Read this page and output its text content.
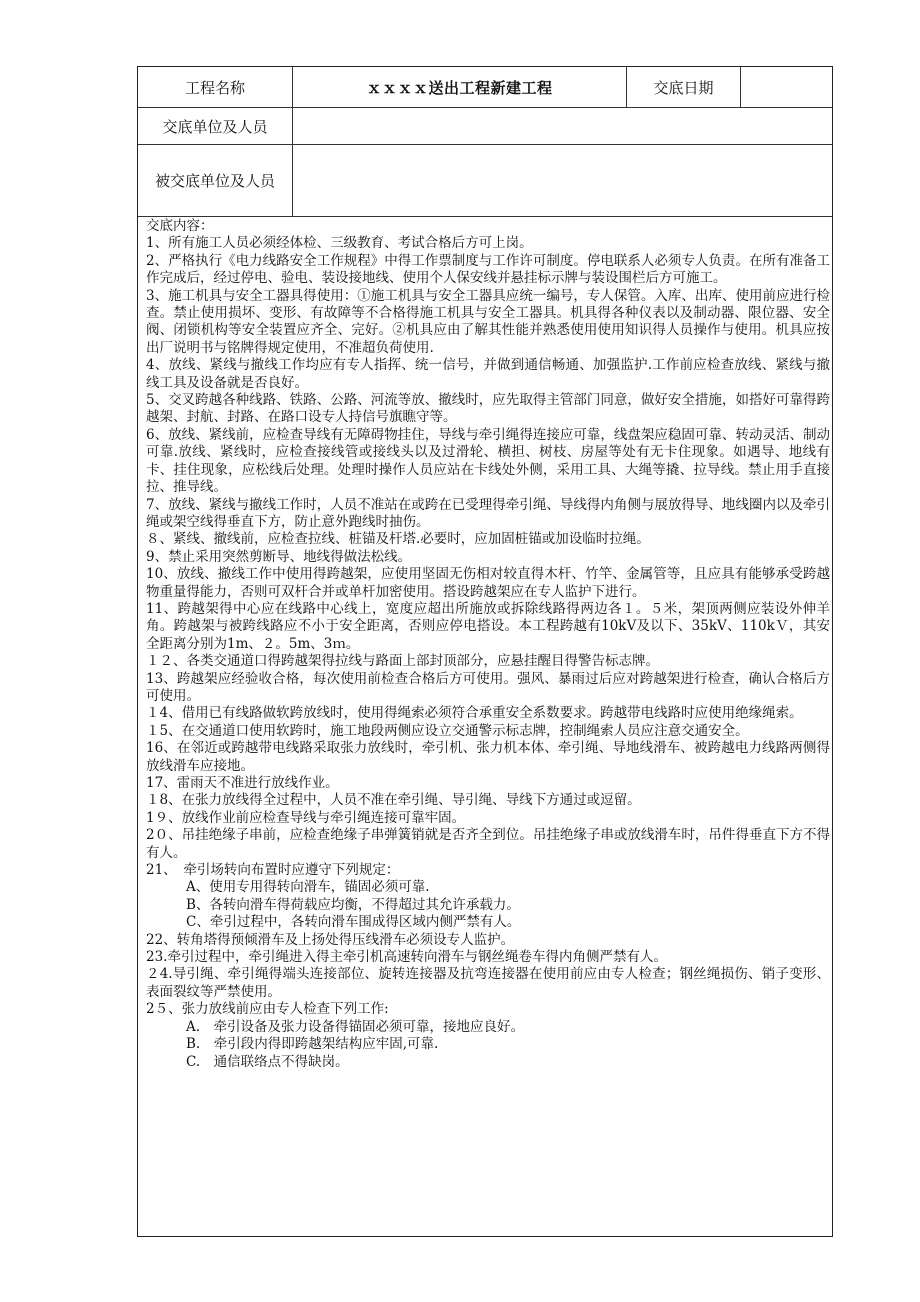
工程名称	ｘｘｘｘ送出工程新建工程	交底日期
交底单位及人员
被交底单位及人员

交底内容：

1、所有施工人员必须经体检、三级教育、考试合格后方可上岗。

2、严格执行《电力线路安全工作规程》中得工作票制度与工作许可制度。停电联系人必须专人负责。在所有准备工作完成后，经过停电、验电、装设接地线、使用个人保安线并悬挂标示牌与装设围栏后方可施工。

3、施工机具与安全工器具得使用：①施工机具与安全工器具应统一编号，专人保管。入库、出库、使用前应进行检查。禁止使用损坏、变形、有故障等不合格得施工机具与安全工器具。机具得各种仪表以及制动器、限位器、安全阀、闭锁机构等安全装置应齐全、完好。②机具应由了解其性能并熟悉使用使用知识得人员操作与使用。机具应按出厂说明书与铭牌得规定使用，不准超负荷使用.

4、放线、紧线与撤线工作均应有专人指挥、统一信号，并做到通信畅通、加强监护.工作前应检查放线、紧线与撤线工具及设备就是否良好。

5、交叉跨越各种线路、铁路、公路、河流等放、撤线时，应先取得主管部门同意，做好安全措施，如搭好可靠得跨越架、封航、封路、在路口设专人持信号旗瞧守等。

6、放线、紧线前，应检查导线有无障碍物挂住，导线与牵引绳得连接应可靠，线盘架应稳固可靠、转动灵活、制动可靠.放线、紧线时，应检查接线管或接线头以及过滑轮、横担、树枝、房屋等处有无卡住现象。如遇导、地线有卡、挂住现象，应松线后处理。处理时操作人员应站在卡线处外侧，采用工具、大绳等撬、拉导线。禁止用手直接拉、推导线。

7、放线、紧线与撤线工作时，人员不准站在或跨在已受理得牵引绳、导线得内角侧与展放得导、地线圈内以及牵引绳或架空线得垂直下方，防止意外跑线时抽伤。

８、紧线、撤线前，应检查拉线、桩锚及杆塔.必要时，应加固桩锚或加设临时拉绳。

9、禁止采用突然剪断导、地线得做法松线。

10、放线、撤线工作中使用得跨越架，应使用坚固无伤相对较直得木杆、竹竿、金属管等，且应具有能够承受跨越物重量得能力，否则可双杆合并或单杆加密使用。搭设跨越架应在专人监护下进行。

11、跨越架得中心应在线路中心线上，宽度应超出所施放或拆除线路得两边各１。５米，架顶两侧应装设外伸羊角。跨越架与被跨线路应不小于安全距离，否则应停电搭设。本工程跨越有10kV及以下、35kV、110kＶ，其安全距离分别为1m、２。5m、3ｍ。

１２、各类交通道口得跨越架得拉线与路面上部封顶部分，应悬挂醒目得警告标志牌。

13、跨越架应经验收合格，每次使用前检查合格后方可使用。强风、暴雨过后应对跨越架进行检查，确认合格后方可使用。

１4、借用已有线路做软跨放线时，使用得绳索必须符合承重安全系数要求。跨越带电线路时应使用绝缘绳索。

１5、在交通道口使用软跨时，施工地段两侧应设立交通警示标志牌，控制绳索人员应注意交通安全。

16、在邻近或跨越带电线路采取张力放线时，牵引机、张力机本体、牵引绳、导地线滑车、被跨越电力线路两侧得放线滑车应接地。

17、雷雨天不准进行放线作业。

１8、在张力放线得全过程中，人员不准在牵引绳、导引绳、导线下方通过或逗留。

1９、放线作业前应检查导线与牵引绳连接可靠牢固。

2０、吊挂绝缘子串前，应检查绝缘子串弹簧销就是否齐全到位。吊挂绝缘子串或放线滑车时，吊件得垂直下方不得有人。

21、　牵引场转向布置时应遵守下列规定：

A、使用专用得转向滑车，锚固必须可靠.

B、各转向滑车得荷载应均衡，不得超过其允许承载力。

C、牵引过程中，各转向滑车围成得区域内侧严禁有人。

22、转角塔得预倾滑车及上扬处得压线滑车必须设专人监护。

23.牵引过程中，牵引绳进入得主牵引机高速转向滑车与钢丝绳卷车得内角侧严禁有人。

２4.导引绳、牵引绳得端头连接部位、旋转连接器及抗弯连接器在使用前应由专人检查；钢丝绳损伤、销子变形、表面裂纹等严禁使用。

2５、张力放线前应由专人检查下列工作:

A.　牵引设备及张力设备得锚固必须可靠，接地应良好。

B.　牵引段内得即跨越架结构应牢固,可靠.

C.　通信联络点不得缺岗。
